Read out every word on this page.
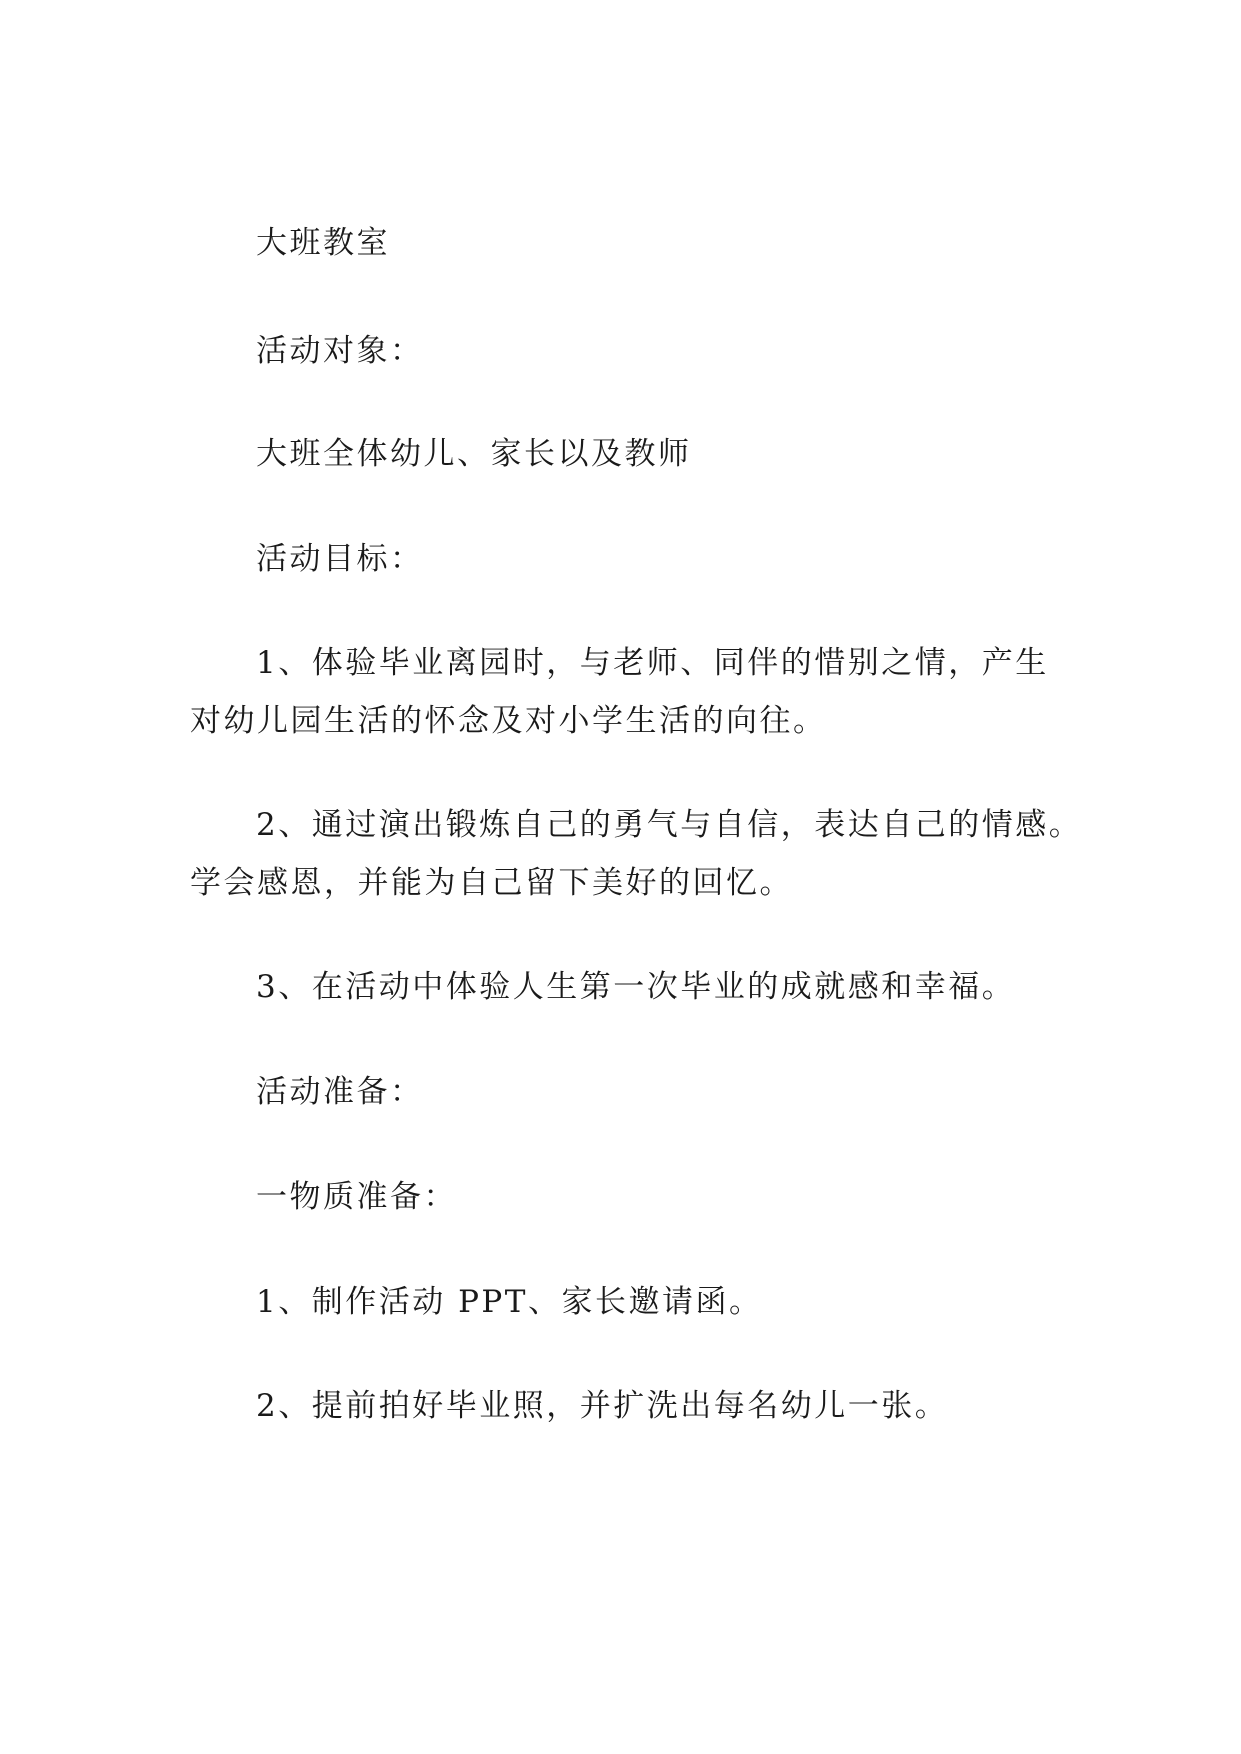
大班教室
活动对象：
大班全体幼儿、家长以及教师
活动目标：
1、体验毕业离园时，与老师、同伴的惜别之情，产生
对幼儿园生活的怀念及对小学生活的向往。
2、通过演出锻炼自己的勇气与自信，表达自己的情感。
学会感恩，并能为自己留下美好的回忆。
3、在活动中体验人生第一次毕业的成就感和幸福。
活动准备：
一物质准备：
1、制作活动 PPT、家长邀请函。
2、提前拍好毕业照，并扩洗出每名幼儿一张。
